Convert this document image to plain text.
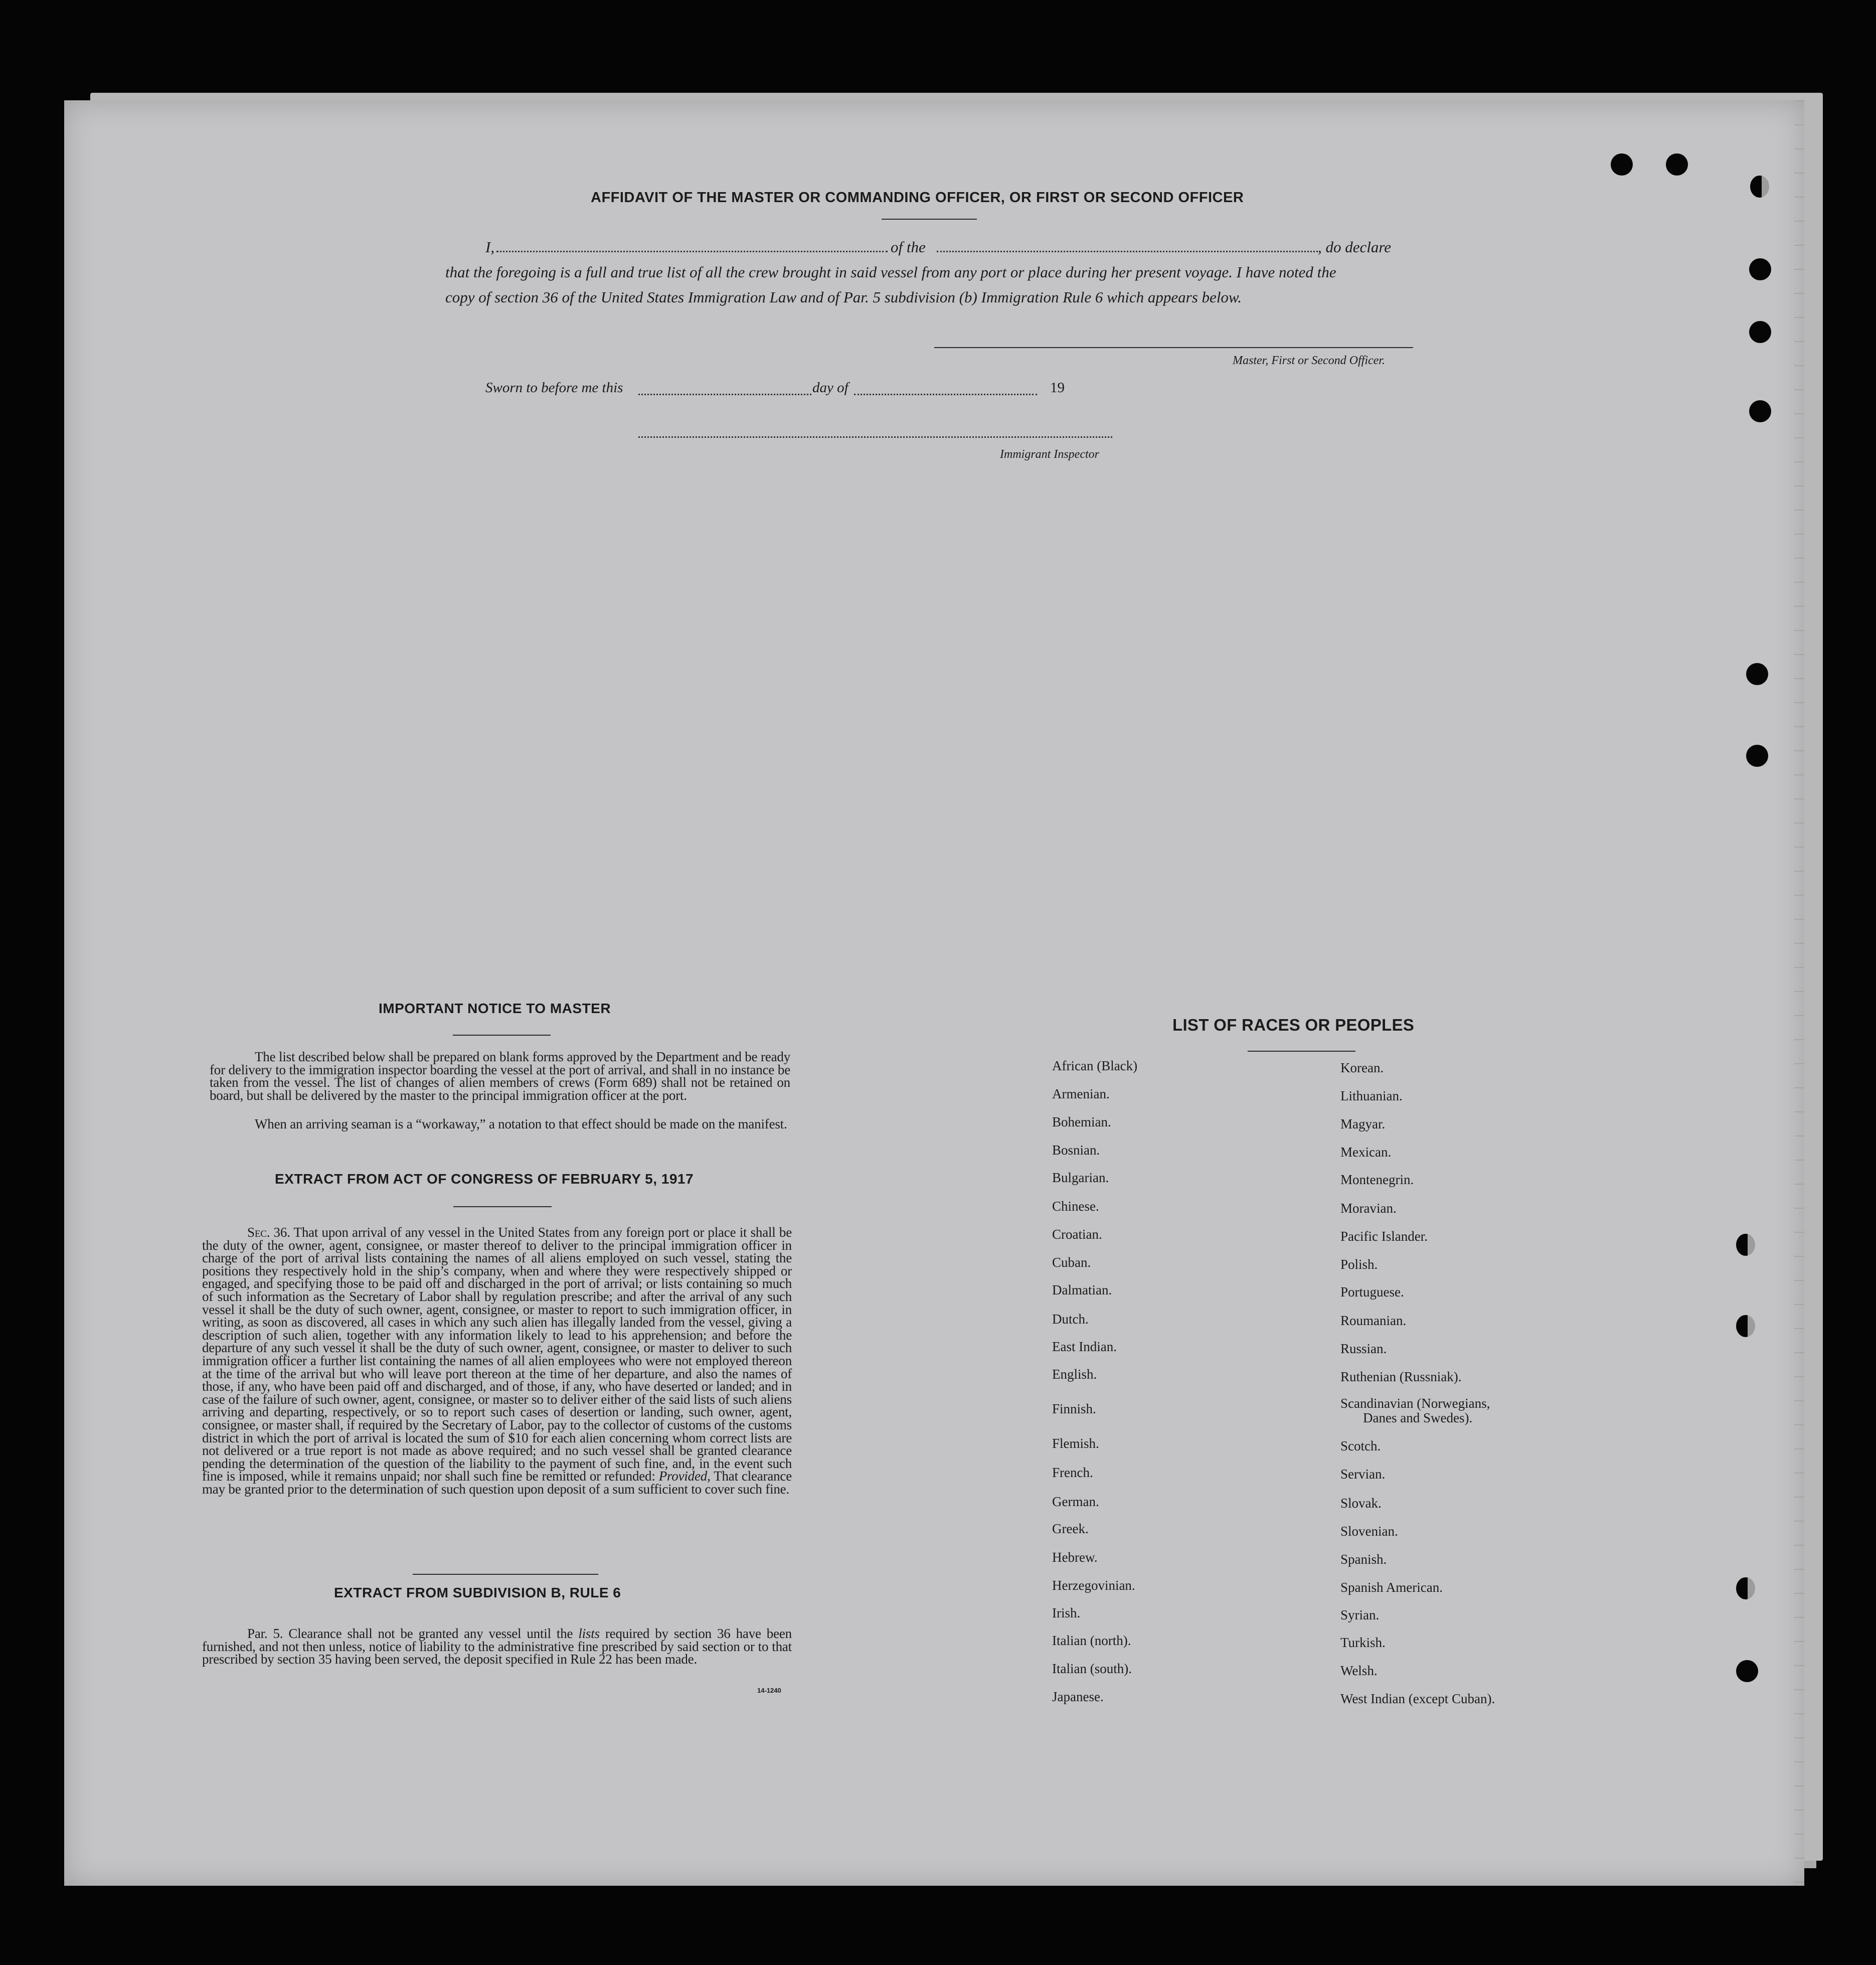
AFFIDAVIT OF THE MASTER OR COMMANDING OFFICER, OR FIRST OR SECOND OFFICER
I,	of the	, do declare
that the foregoing is a full and true list of all the crew brought in said vessel from any port or place during her present voyage. I have noted the
copy of section 36 of the United States Immigration Law and of Par. 5 subdivision (b) Immigration Rule 6 which appears below.
Master, First or Second Officer.
Sworn to before me this	day of	19
Immigrant Inspector
IMPORTANT NOTICE TO MASTER
The list described below shall be prepared on blank forms approved by the Department and be ready for delivery to the immigration inspector boarding the vessel at the port of arrival, and shall in no instance be taken from the vessel. The list of changes of alien members of crews (Form 689) shall not be retained on board, but shall be delivered by the master to the principal immigration officer at the port.
When an arriving seaman is a “workaway,” a notation to that effect should be made on the manifest.
EXTRACT FROM ACT OF CONGRESS OF FEBRUARY 5, 1917
Sec. 36. That upon arrival of any vessel in the United States from any foreign port or place it shall be the duty of the owner, agent, consignee, or master thereof to deliver to the principal immigration officer in charge of the port of arrival lists containing the names of all aliens employed on such vessel, stating the positions they respectively hold in the ship’s company, when and where they were respectively shipped or engaged, and specifying those to be paid off and discharged in the port of arrival; or lists containing so much of such information as the Secretary of Labor shall by regulation prescribe; and after the arrival of any such vessel it shall be the duty of such owner, agent, consignee, or master to report to such immigration officer, in writing, as soon as discovered, all cases in which any such alien has illegally landed from the vessel, giving a description of such alien, together with any information likely to lead to his apprehension; and before the departure of any such vessel it shall be the duty of such owner, agent, consignee, or master to deliver to such immigration officer a further list containing the names of all alien employees who were not employed thereon at the time of the arrival but who will leave port thereon at the time of her departure, and also the names of those, if any, who have been paid off and discharged, and of those, if any, who have deserted or landed; and in case of the failure of such owner, agent, consignee, or master so to deliver either of the said lists of such aliens arriving and departing, respectively, or so to report such cases of desertion or landing, such owner, agent, consignee, or master shall, if required by the Secretary of Labor, pay to the collector of customs of the customs district in which the port of arrival is located the sum of $10 for each alien concerning whom correct lists are not delivered or a true report is not made as above required; and no such vessel shall be granted clearance pending the determination of the question of the liability to the payment of such fine, and, in the event such fine is imposed, while it remains unpaid; nor shall such fine be remitted or refunded: Provided, That clearance may be granted prior to the determination of such question upon deposit of a sum sufficient to cover such fine.
EXTRACT FROM SUBDIVISION B, RULE 6
Par. 5. Clearance shall not be granted any vessel until the lists required by section 36 have been furnished, and not then unless, notice of liability to the administrative fine prescribed by said section or to that prescribed by section 35 having been served, the deposit specified in Rule 22 has been made.
14-1240
LIST OF RACES OR PEOPLES
African (Black)
Armenian.
Bohemian.
Bosnian.
Bulgarian.
Chinese.
Croatian.
Cuban.
Dalmatian.
Dutch.
East Indian.
English.
Finnish.
Flemish.
French.
German.
Greek.
Hebrew.
Herzegovinian.
Irish.
Italian (north).
Italian (south).
Japanese.
Korean.
Lithuanian.
Magyar.
Mexican.
Montenegrin.
Moravian.
Pacific Islander.
Polish.
Portuguese.
Roumanian.
Russian.
Ruthenian (Russniak).
Scandinavian (Norwegians,
Danes and Swedes).
Scotch.
Servian.
Slovak.
Slovenian.
Spanish.
Spanish American.
Syrian.
Turkish.
Welsh.
West Indian (except Cuban).
